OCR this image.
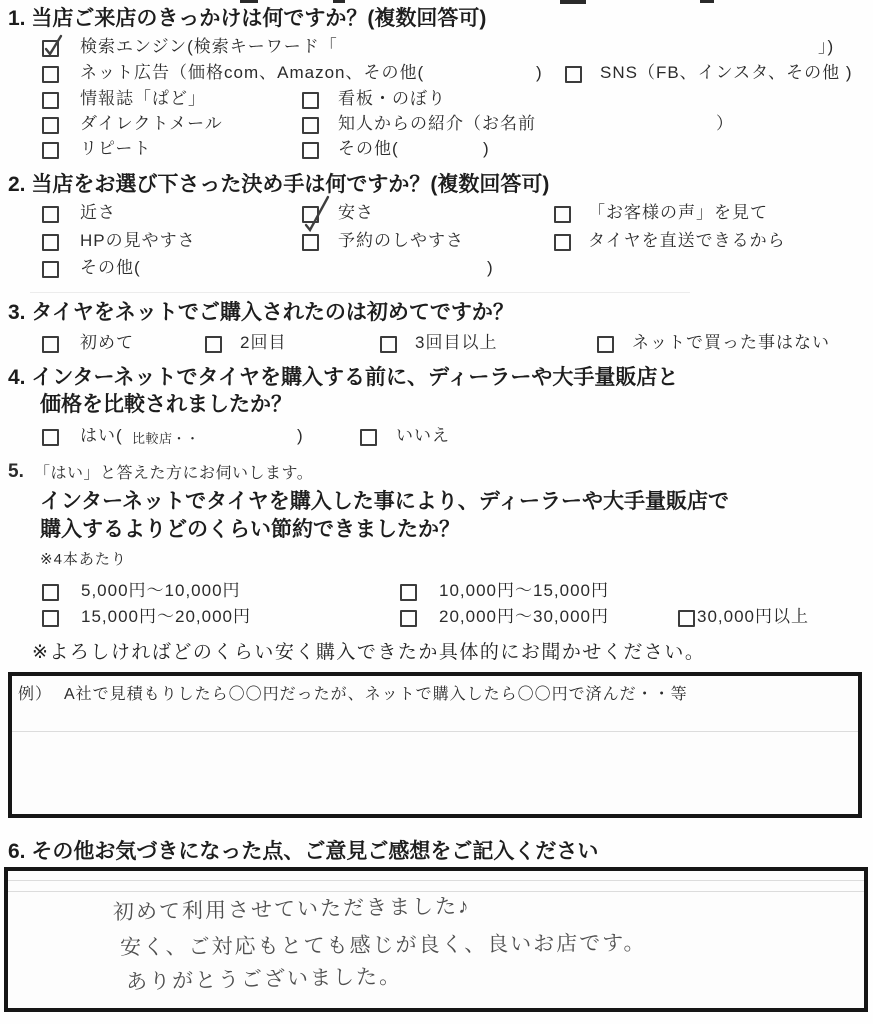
1. 当店ご来店のきっかけは何ですか？(複数回答可)
検索エンジン(検索キーワード「	」)
ネット広告（価格com、Amazon、その他(	)	SNS（FB、インスタ、その他 )
情報誌「ぱど」	看板・のぼり
ダイレクトメール	知人からの紹介（お名前	）
リピート	その他(	)
2. 当店をお選び下さった決め手は何ですか？(複数回答可)
近さ	安さ	「お客様の声」を見て
HPの見やすさ	予約のしやすさ	タイヤを直送できるから
その他(	)
3. タイヤをネットでご購入されたのは初めてですか？
初めて	2回目	3回目以上	ネットで買った事はない
4. インターネットでタイヤを購入する前に、ディーラーや大手量販店と
価格を比較されましたか？
はい( 比較店・・	)	いいえ
5. 「はい」と答えた方にお伺いします。
インターネットでタイヤを購入した事により、ディーラーや大手量販店で
購入するよりどのくらい節約できましたか？
※4本あたり
5,000円～10,000円	10,000円～15,000円
15,000円～20,000円	20,000円～30,000円	30,000円以上
※よろしければどのくらい安く購入できたか具体的にお聞かせください。
例） A社で見積もりしたら〇〇円だったが、ネットで購入したら〇〇円で済んだ・・等
6. その他お気づきになった点、ご意見ご感想をご記入ください
初めて利用させていただきました♪
安く、ご対応もとても感じが良く、良いお店です。
ありがとうございました。
